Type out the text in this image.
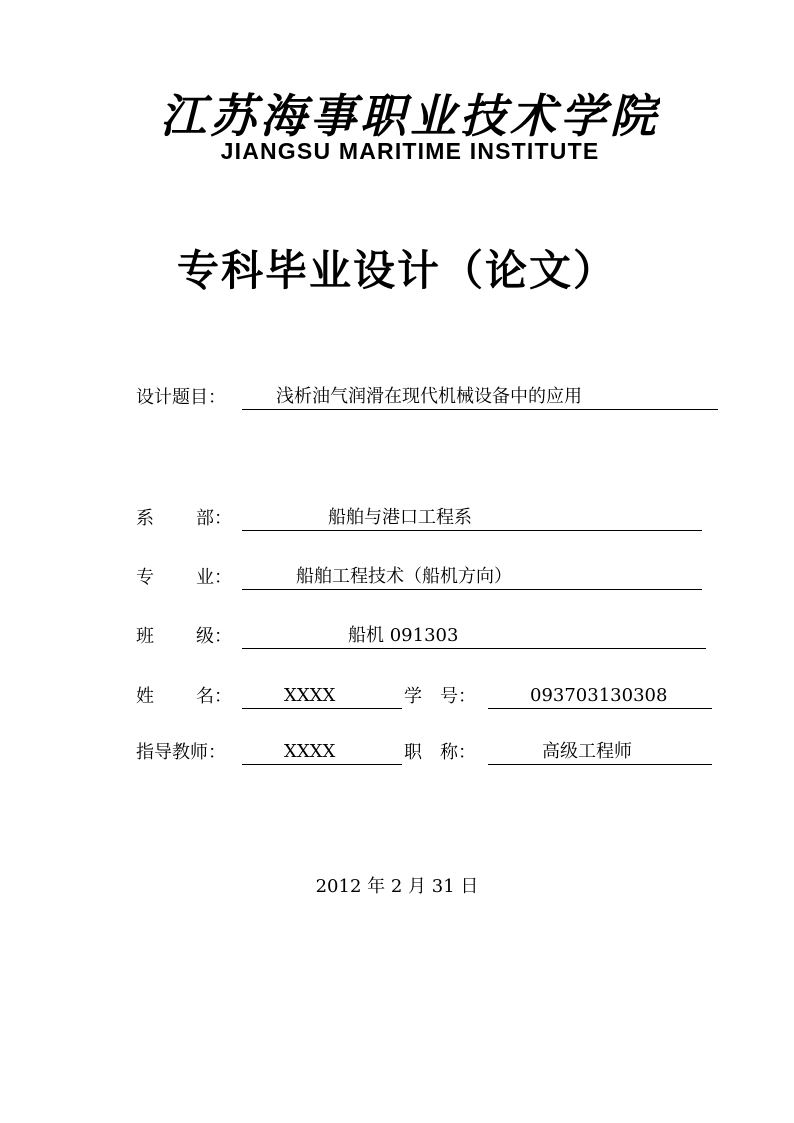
江苏海事职业技术学院
JIANGSU MARITIME INSTITUTE
专科毕业设计（论文）
设计题目：	浅析油气润滑在现代机械设备中的应用
系 部：	船舶与港口工程系
专 业：	船舶工程技术（船机方向）
班 级：	船机 091303
姓 名：	XXXX	学 号：	093703130308
指导教师：	XXXX	职 称：	高级工程师
2012 年 2 月 31 日
